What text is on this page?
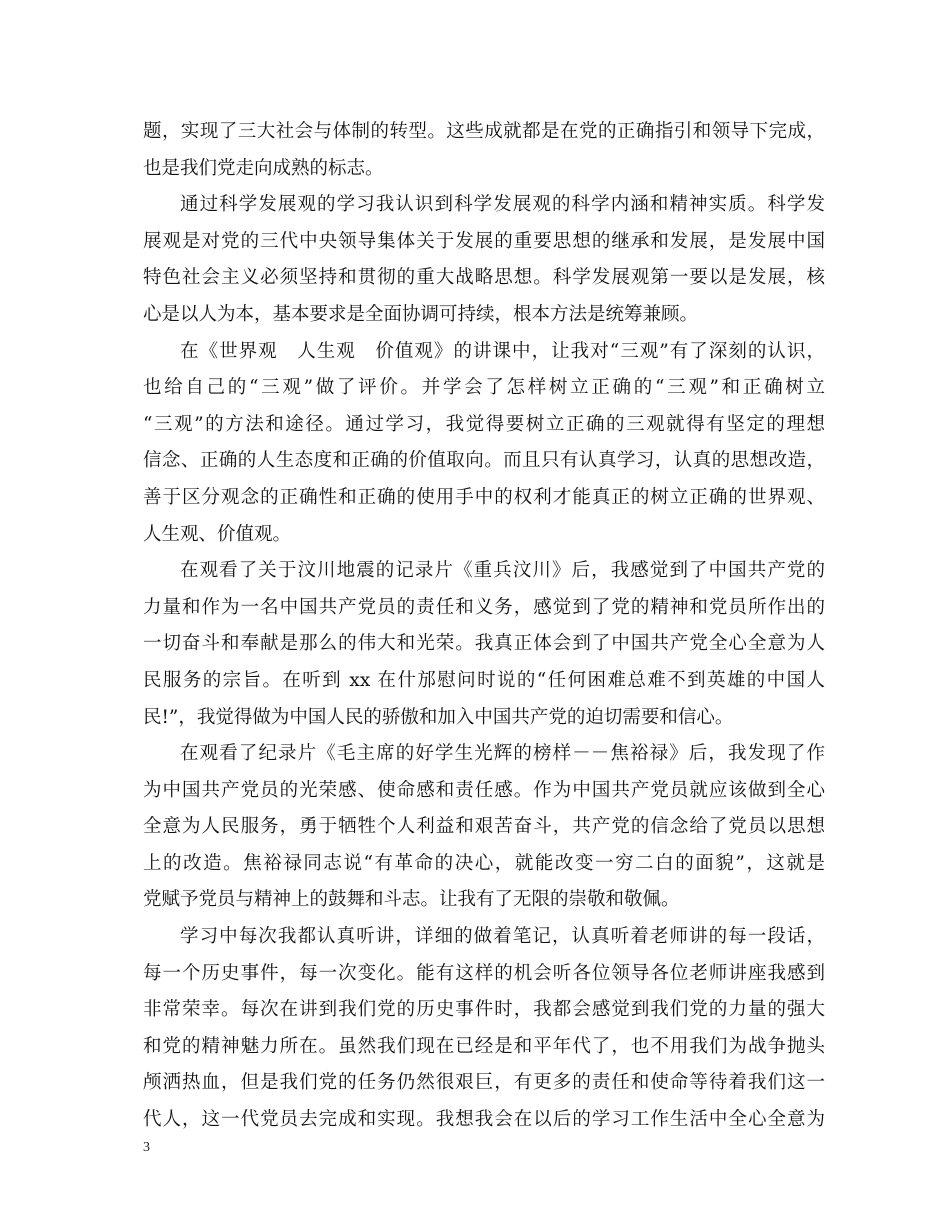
题，实现了三大社会与体制的转型。这些成就都是在党的正确指引和领导下完成，
也是我们党走向成熟的标志。
通过科学发展观的学习我认识到科学发展观的科学内涵和精神实质。科学发
展观是对党的三代中央领导集体关于发展的重要思想的继承和发展，是发展中国
特色社会主义必须坚持和贯彻的重大战略思想。科学发展观第一要以是发展，核
心是以人为本，基本要求是全面协调可持续，根本方法是统筹兼顾。
在《世界观　人生观　价值观》的讲课中，让我对“三观”有了深刻的认识，
也给自己的“三观”做了评价。并学会了怎样树立正确的“三观”和正确树立
“三观”的方法和途径。通过学习，我觉得要树立正确的三观就得有坚定的理想
信念、正确的人生态度和正确的价值取向。而且只有认真学习，认真的思想改造，
善于区分观念的正确性和正确的使用手中的权利才能真正的树立正确的世界观、
人生观、价值观。
在观看了关于汶川地震的记录片《重兵汶川》后，我感觉到了中国共产党的
力量和作为一名中国共产党员的责任和义务，感觉到了党的精神和党员所作出的
一切奋斗和奉献是那么的伟大和光荣。我真正体会到了中国共产党全心全意为人
民服务的宗旨。在听到 xx 在什邡慰问时说的“任何困难总难不到英雄的中国人
民!”，我觉得做为中国人民的骄傲和加入中国共产党的迫切需要和信心。
在观看了纪录片《毛主席的好学生光辉的榜样－－焦裕禄》后，我发现了作
为中国共产党员的光荣感、使命感和责任感。作为中国共产党员就应该做到全心
全意为人民服务，勇于牺牲个人利益和艰苦奋斗，共产党的信念给了党员以思想
上的改造。焦裕禄同志说“有革命的决心，就能改变一穷二白的面貌”，这就是
党赋予党员与精神上的鼓舞和斗志。让我有了无限的崇敬和敬佩。
学习中每次我都认真听讲，详细的做着笔记，认真听着老师讲的每一段话，
每一个历史事件，每一次变化。能有这样的机会听各位领导各位老师讲座我感到
非常荣幸。每次在讲到我们党的历史事件时，我都会感觉到我们党的力量的强大
和党的精神魅力所在。虽然我们现在已经是和平年代了，也不用我们为战争抛头
颅洒热血，但是我们党的任务仍然很艰巨，有更多的责任和使命等待着我们这一
代人，这一代党员去完成和实现。我想我会在以后的学习工作生活中全心全意为
3
